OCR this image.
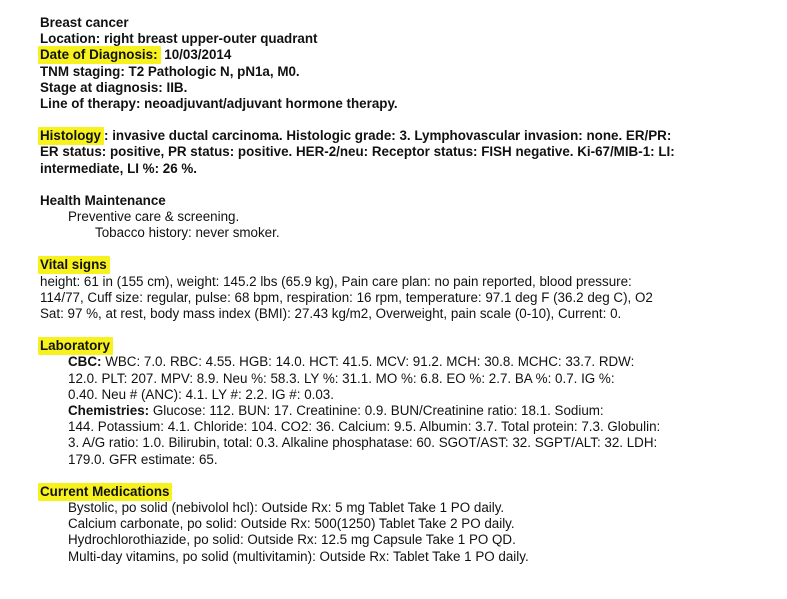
Breast cancer
Location: right breast upper-outer quadrant
Date of Diagnosis: 10/03/2014
TNM staging: T2 Pathologic N, pN1a, M0.
Stage at diagnosis: IIB.
Line of therapy: neoadjuvant/adjuvant hormone therapy.
Histology : invasive ductal carcinoma. Histologic grade: 3. Lymphovascular invasion: none. ER/PR:
ER status: positive, PR status: positive. HER-2/neu: Receptor status: FISH negative. Ki-67/MIB-1: LI:
intermediate, LI %: 26 %.
Health Maintenance
Preventive care & screening.
Tobacco history: never smoker.
Vital signs
height: 61 in (155 cm), weight: 145.2 lbs (65.9 kg), Pain care plan: no pain reported, blood pressure:
114/77, Cuff size: regular, pulse: 68 bpm, respiration: 16 rpm, temperature: 97.1 deg F (36.2 deg C), O2
Sat: 97 %, at rest, body mass index (BMI): 27.43 kg/m2, Overweight, pain scale (0-10), Current: 0.
Laboratory
CBC: WBC: 7.0. RBC: 4.55. HGB: 14.0. HCT: 41.5. MCV: 91.2. MCH: 30.8. MCHC: 33.7. RDW:
12.0. PLT: 207. MPV: 8.9. Neu %: 58.3. LY %: 31.1. MO %: 6.8. EO %: 2.7. BA %: 0.7. IG %:
0.40. Neu # (ANC): 4.1. LY #: 2.2. IG #: 0.03.
Chemistries: Glucose: 112. BUN: 17. Creatinine: 0.9. BUN/Creatinine ratio: 18.1. Sodium:
144. Potassium: 4.1. Chloride: 104. CO2: 36. Calcium: 9.5. Albumin: 3.7. Total protein: 7.3. Globulin:
3. A/G ratio: 1.0. Bilirubin, total: 0.3. Alkaline phosphatase: 60. SGOT/AST: 32. SGPT/ALT: 32. LDH:
179.0. GFR estimate: 65.
Current Medications
Bystolic, po solid (nebivolol hcl): Outside Rx: 5 mg Tablet Take 1 PO daily.
Calcium carbonate, po solid: Outside Rx: 500(1250) Tablet Take 2 PO daily.
Hydrochlorothiazide, po solid: Outside Rx: 12.5 mg Capsule Take 1 PO QD.
Multi-day vitamins, po solid (multivitamin): Outside Rx: Tablet Take 1 PO daily.
